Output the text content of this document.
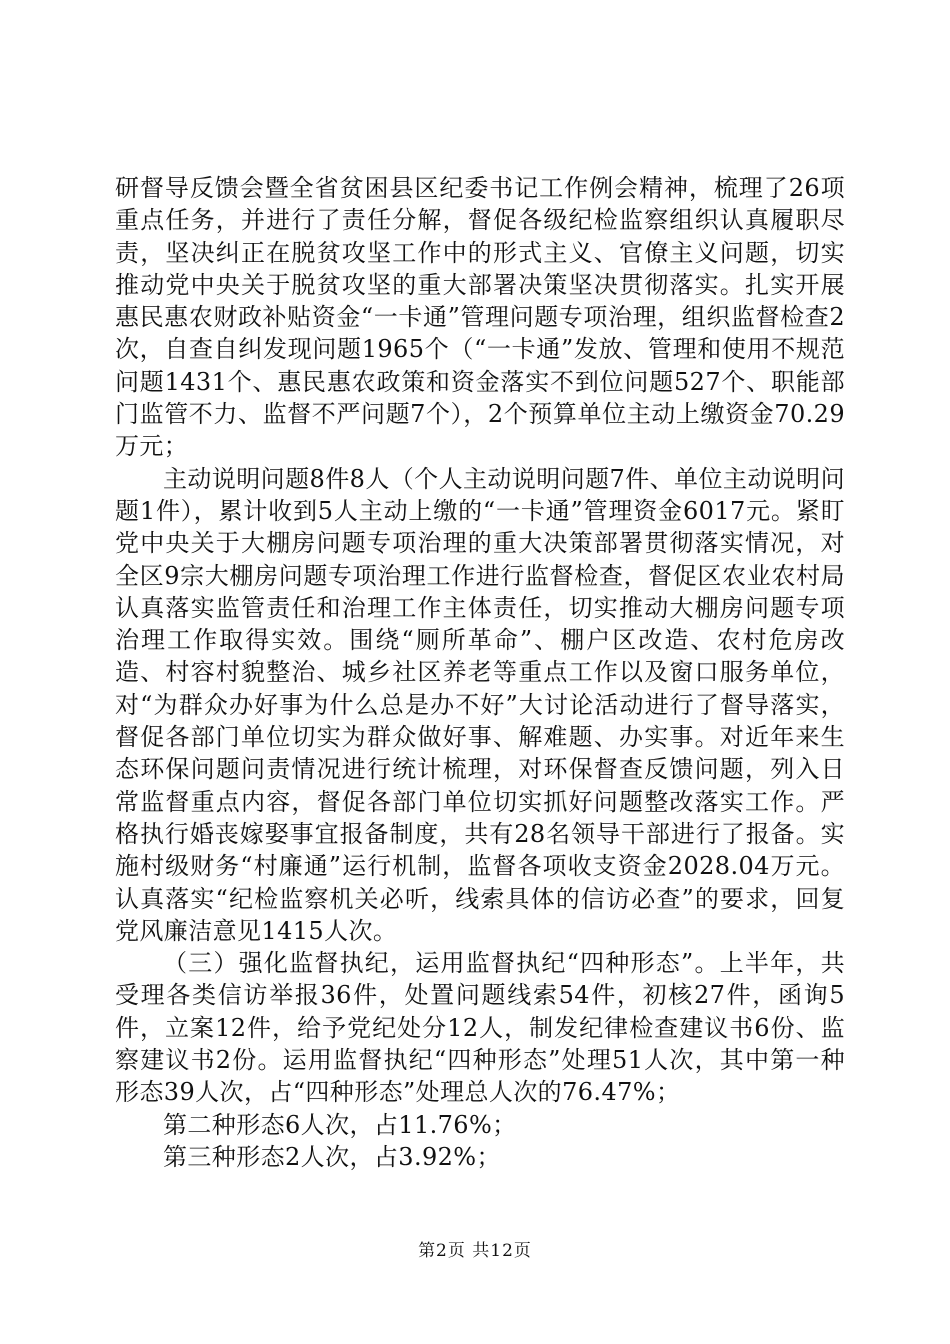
研督导反馈会暨全省贫困县区纪委书记工作例会精神，梳理了26项重点任务，并进行了责任分解，督促各级纪检监察组织认真履职尽责，坚决纠正在脱贫攻坚工作中的形式主义、官僚主义问题，切实推动党中央关于脱贫攻坚的重大部署决策坚决贯彻落实。扎实开展惠民惠农财政补贴资金“一卡通”管理问题专项治理，组织监督检查2次，自查自纠发现问题1965个（“一卡通”发放、管理和使用不规范问题1431个、惠民惠农政策和资金落实不到位问题527个、职能部门监管不力、监督不严问题7个），2个预算单位主动上缴资金70.29万元；

主动说明问题8件8人（个人主动说明问题7件、单位主动说明问题1件），累计收到5人主动上缴的“一卡通”管理资金6017元。紧盯党中央关于大棚房问题专项治理的重大决策部署贯彻落实情况，对全区9宗大棚房问题专项治理工作进行监督检查，督促区农业农村局认真落实监管责任和治理工作主体责任，切实推动大棚房问题专项治理工作取得实效。围绕“厕所革命”、棚户区改造、农村危房改造、村容村貌整治、城乡社区养老等重点工作以及窗口服务单位，对“为群众办好事为什么总是办不好”大讨论活动进行了督导落实，督促各部门单位切实为群众做好事、解难题、办实事。对近年来生态环保问题问责情况进行统计梳理，对环保督查反馈问题，列入日常监督重点内容，督促各部门单位切实抓好问题整改落实工作。严格执行婚丧嫁娶事宜报备制度，共有28名领导干部进行了报备。实施村级财务“村廉通”运行机制，监督各项收支资金2028.04万元。认真落实“纪检监察机关必听，线索具体的信访必查”的要求，回复党风廉洁意见1415人次。

（三）强化监督执纪，运用监督执纪“四种形态”。上半年，共受理各类信访举报36件，处置问题线索54件，初核27件，函询5件，立案12件，给予党纪处分12人，制发纪律检查建议书6份、监察建议书2份。运用监督执纪“四种形态”处理51人次，其中第一种形态39人次，占“四种形态”处理总人次的76.47%；

第二种形态6人次，占11.76%；

第三种形态2人次，占3.92%；

第2页 共12页
